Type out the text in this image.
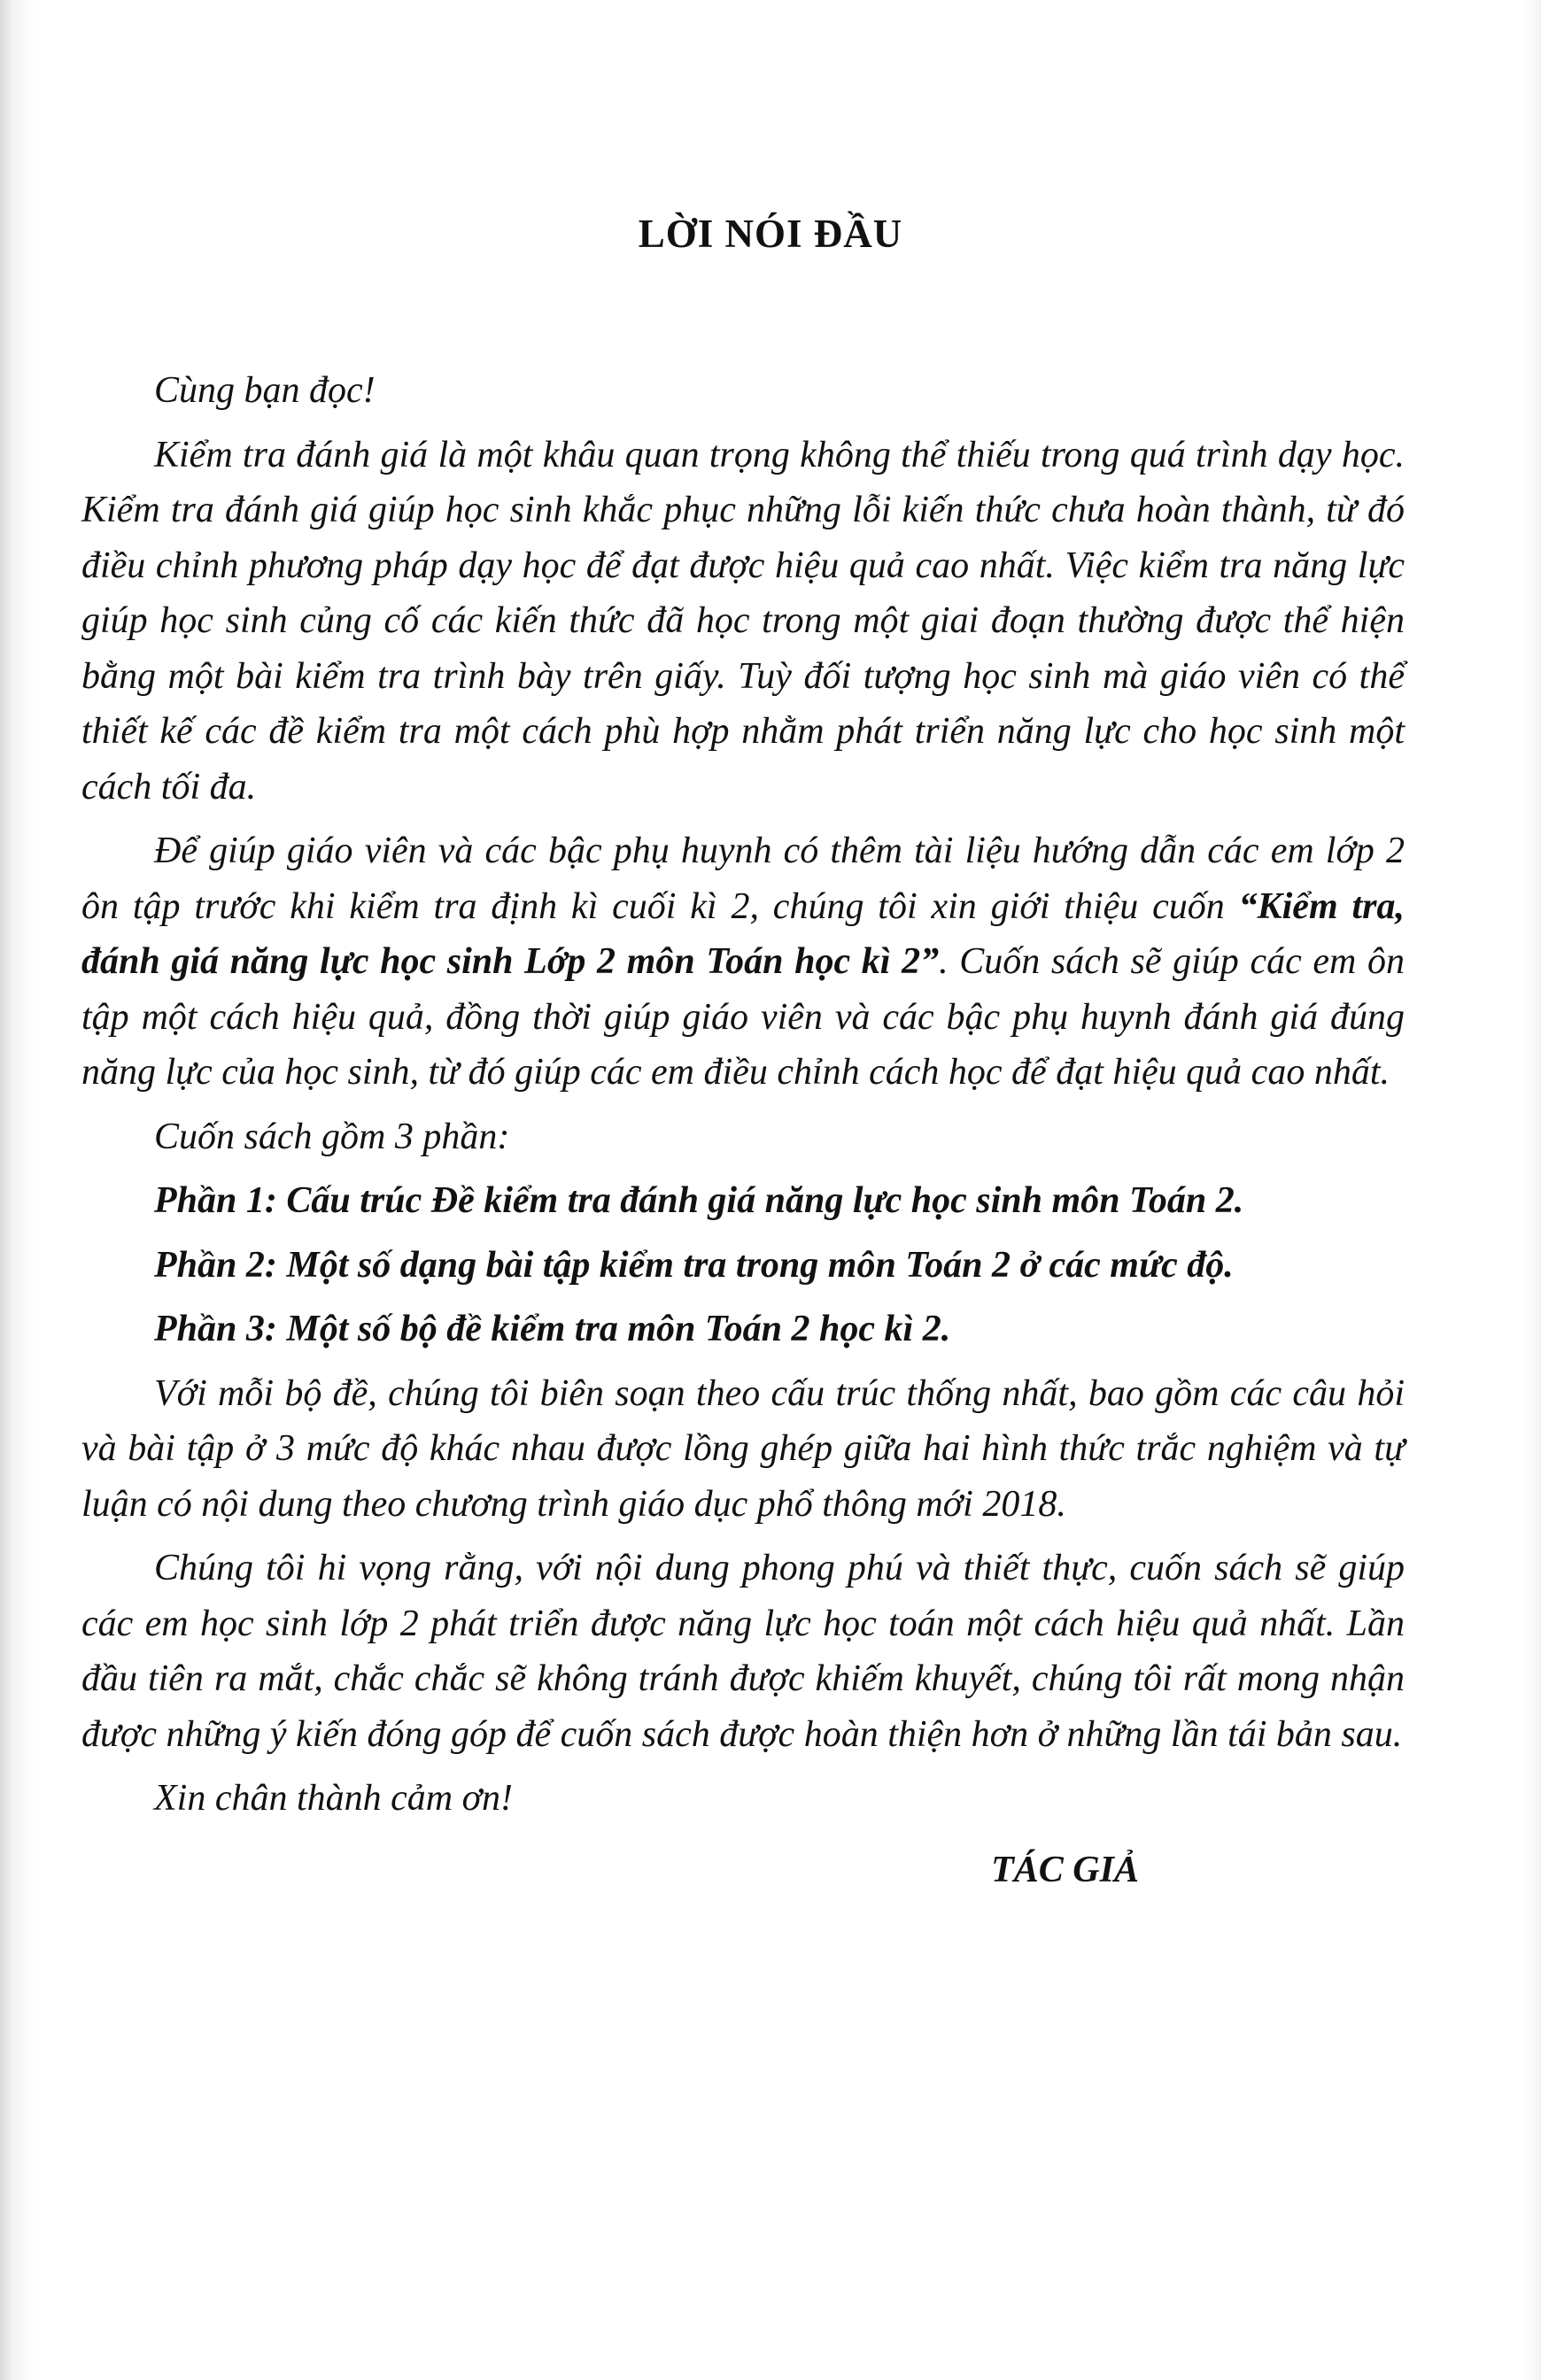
LỜI NÓI ĐẦU

Cùng bạn đọc!

Kiểm tra đánh giá là một khâu quan trọng không thể thiếu trong quá trình dạy học. Kiểm tra đánh giá giúp học sinh khắc phục những lỗi kiến thức chưa hoàn thành, từ đó điều chỉnh phương pháp dạy học để đạt được hiệu quả cao nhất. Việc kiểm tra năng lực giúp học sinh củng cố các kiến thức đã học trong một giai đoạn thường được thể hiện bằng một bài kiểm tra trình bày trên giấy. Tuỳ đối tượng học sinh mà giáo viên có thể thiết kế các đề kiểm tra một cách phù hợp nhằm phát triển năng lực cho học sinh một cách tối đa.

Để giúp giáo viên và các bậc phụ huynh có thêm tài liệu hướng dẫn các em lớp 2 ôn tập trước khi kiểm tra định kì cuối kì 2, chúng tôi xin giới thiệu cuốn “Kiểm tra, đánh giá năng lực học sinh Lớp 2 môn Toán học kì 2”. Cuốn sách sẽ giúp các em ôn tập một cách hiệu quả, đồng thời giúp giáo viên và các bậc phụ huynh đánh giá đúng năng lực của học sinh, từ đó giúp các em điều chỉnh cách học để đạt hiệu quả cao nhất.

Cuốn sách gồm 3 phần:

Phần 1: Cấu trúc Đề kiểm tra đánh giá năng lực học sinh môn Toán 2.

Phần 2: Một số dạng bài tập kiểm tra trong môn Toán 2 ở các mức độ.

Phần 3: Một số bộ đề kiểm tra môn Toán 2 học kì 2.

Với mỗi bộ đề, chúng tôi biên soạn theo cấu trúc thống nhất, bao gồm các câu hỏi và bài tập ở 3 mức độ khác nhau được lồng ghép giữa hai hình thức trắc nghiệm và tự luận có nội dung theo chương trình giáo dục phổ thông mới 2018.

Chúng tôi hi vọng rằng, với nội dung phong phú và thiết thực, cuốn sách sẽ giúp các em học sinh lớp 2 phát triển được năng lực học toán một cách hiệu quả nhất. Lần đầu tiên ra mắt, chắc chắc sẽ không tránh được khiếm khuyết, chúng tôi rất mong nhận được những ý kiến đóng góp để cuốn sách được hoàn thiện hơn ở những lần tái bản sau.

Xin chân thành cảm ơn!

TÁC GIẢ
